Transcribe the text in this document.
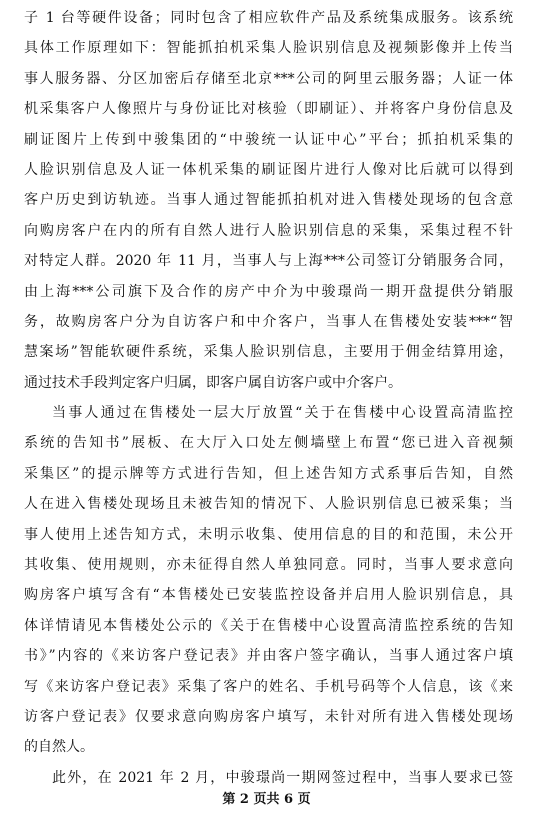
子 1 台等硬件设备；同时包含了相应软件产品及系统集成服务。该系统
具体工作原理如下：智能抓拍机采集人脸识别信息及视频影像并上传当
事人服务器、分区加密后存储至北京***公司的阿里云服务器；人证一体
机采集客户人像照片与身份证比对核验（即刷证）、并将客户身份信息及
刷证图片上传到中骏集团的“中骏统一认证中心”平台；抓拍机采集的
人脸识别信息及人证一体机采集的刷证图片进行人像对比后就可以得到
客户历史到访轨迹。当事人通过智能抓拍机对进入售楼处现场的包含意
向购房客户在内的所有自然人进行人脸识别信息的采集，采集过程不针
对特定人群。2020 年 11 月，当事人与上海***公司签订分销服务合同，
由上海***公司旗下及合作的房产中介为中骏璟尚一期开盘提供分销服
务，故购房客户分为自访客户和中介客户，当事人在售楼处安装***“智
慧案场”智能软硬件系统，采集人脸识别信息，主要用于佣金结算用途，
通过技术手段判定客户归属，即客户属自访客户或中介客户。
当事人通过在售楼处一层大厅放置“关于在售楼中心设置高清监控
系统的告知书”展板、在大厅入口处左侧墙壁上布置“您已进入音视频
采集区”的提示牌等方式进行告知，但上述告知方式系事后告知，自然
人在进入售楼处现场且未被告知的情况下、人脸识别信息已被采集；当
事人使用上述告知方式，未明示收集、使用信息的目的和范围，未公开
其收集、使用规则，亦未征得自然人单独同意。同时，当事人要求意向
购房客户填写含有“本售楼处已安装监控设备并启用人脸识别信息，具
体详情请见本售楼处公示的《关于在售楼中心设置高清监控系统的告知
书》”内容的《来访客户登记表》并由客户签字确认，当事人通过客户填
写《来访客户登记表》采集了客户的姓名、手机号码等个人信息，该《来
访客户登记表》仅要求意向购房客户填写，未针对所有进入售楼处现场
的自然人。
此外，在 2021 年 2 月，中骏璟尚一期网签过程中，当事人要求已签
第 2 页共 6 页
